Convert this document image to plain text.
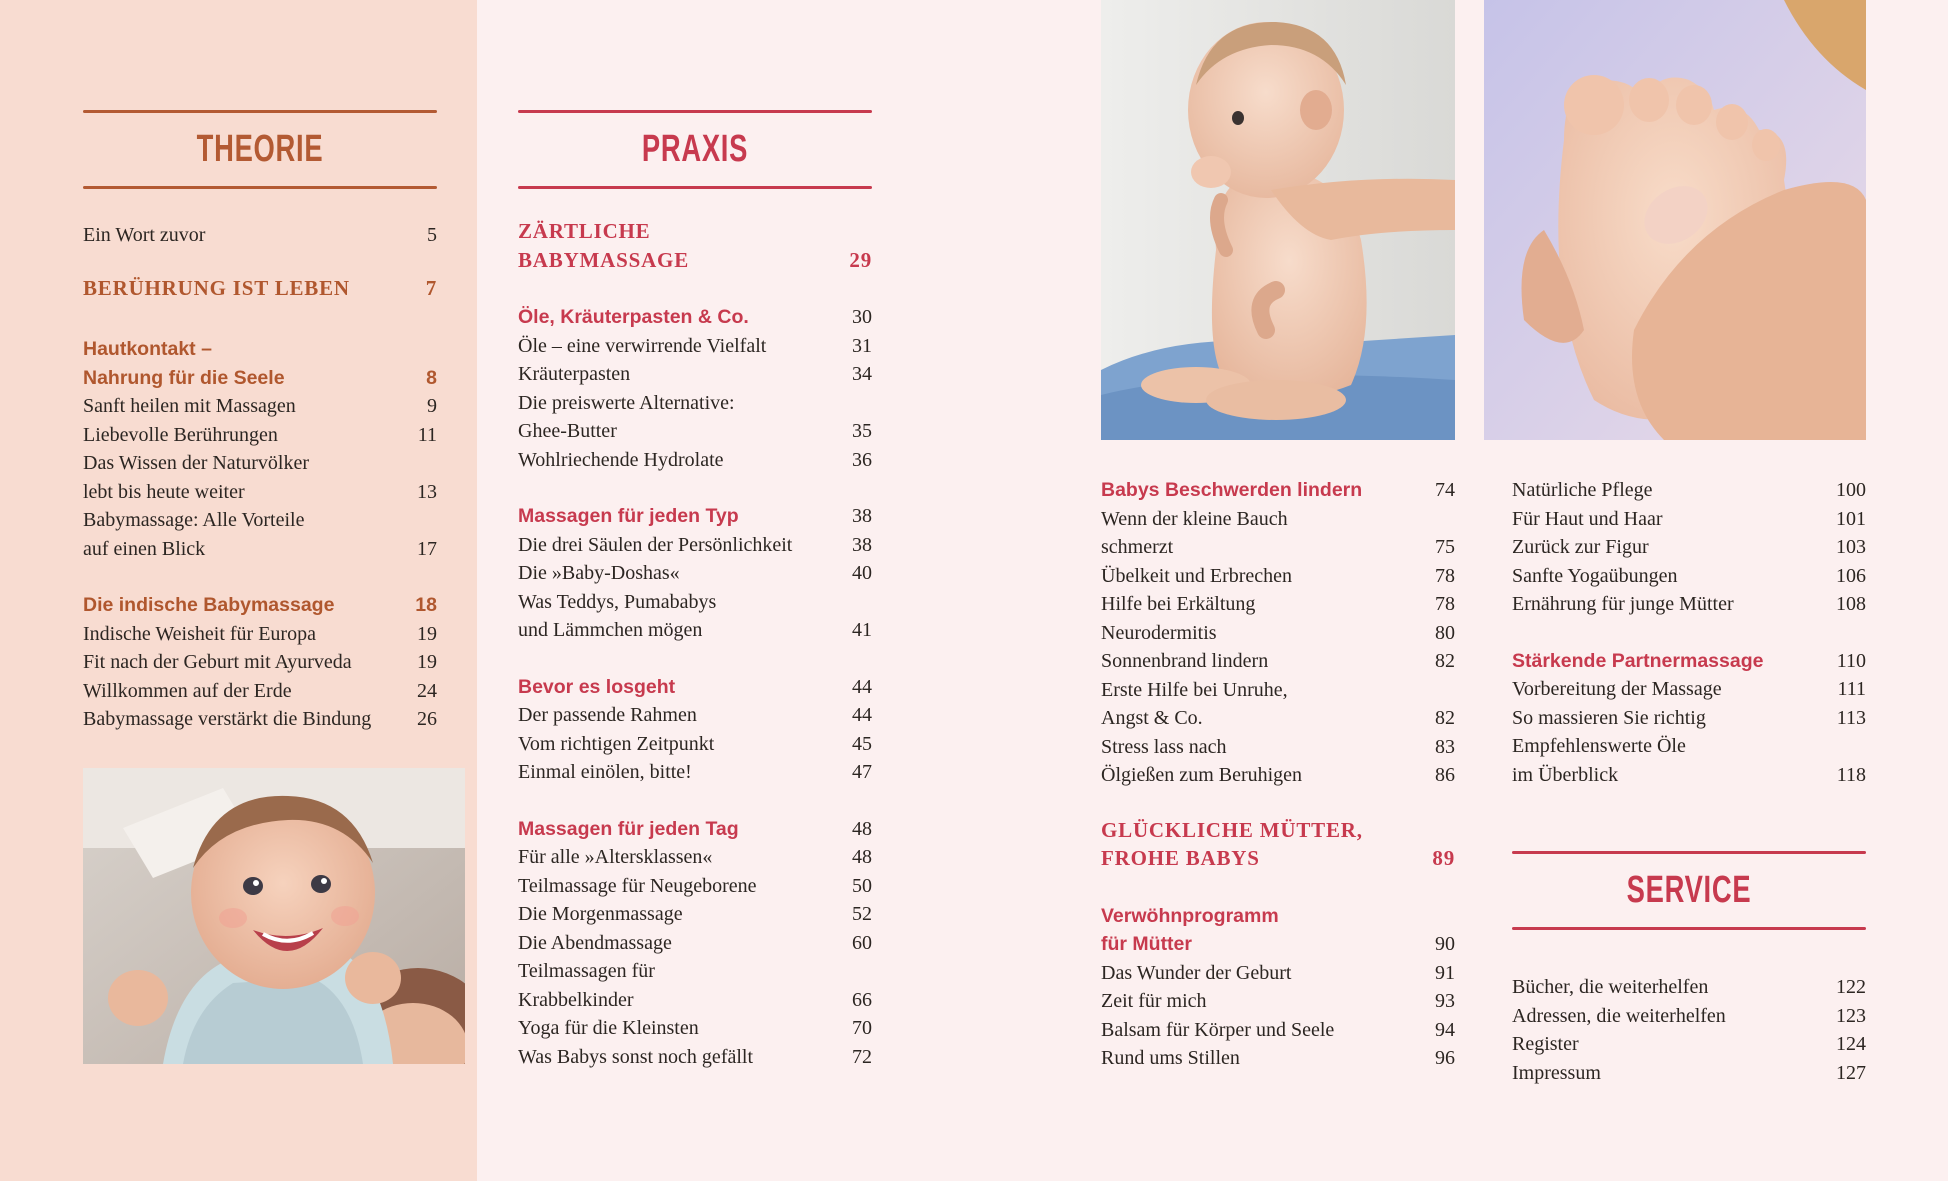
THEORIE
Ein Wort zuvor	5
BERÜHRUNG IST LEBEN	7
Hautkontakt –
Nahrung für die Seele	8
Sanft heilen mit Massagen	9
Liebevolle Berührungen	11
Das Wissen der Naturvölker
lebt bis heute weiter	13
Babymassage: Alle Vorteile
auf einen Blick	17
Die indische Babymassage	18
Indische Weisheit für Europa	19
Fit nach der Geburt mit Ayurveda	19
Willkommen auf der Erde	24
Babymassage verstärkt die Bindung	26
PRAXIS
ZÄRTLICHE
BABYMASSAGE	29
Öle, Kräuterpasten & Co.	30
Öle – eine verwirrende Vielfalt	31
Kräuterpasten	34
Die preiswerte Alternative:
Ghee-Butter	35
Wohlriechende Hydrolate	36
Massagen für jeden Typ	38
Die drei Säulen der Persönlichkeit	38
Die »Baby-Doshas«	40
Was Teddys, Pumababys
und Lämmchen mögen	41
Bevor es losgeht	44
Der passende Rahmen	44
Vom richtigen Zeitpunkt	45
Einmal einölen, bitte!	47
Massagen für jeden Tag	48
Für alle »Altersklassen«	48
Teilmassage für Neugeborene	50
Die Morgenmassage	52
Die Abendmassage	60
Teilmassagen für
Krabbelkinder	66
Yoga für die Kleinsten	70
Was Babys sonst noch gefällt	72
Babys Beschwerden lindern	74
Wenn der kleine Bauch
schmerzt	75
Übelkeit und Erbrechen	78
Hilfe bei Erkältung	78
Neurodermitis	80
Sonnenbrand lindern	82
Erste Hilfe bei Unruhe,
Angst & Co.	82
Stress lass nach	83
Ölgießen zum Beruhigen	86
GLÜCKLICHE MÜTTER,
FROHE BABYS	89
Verwöhnprogramm
für Mütter	90
Das Wunder der Geburt	91
Zeit für mich	93
Balsam für Körper und Seele	94
Rund ums Stillen	96
Natürliche Pflege	100
Für Haut und Haar	101
Zurück zur Figur	103
Sanfte Yogaübungen	106
Ernährung für junge Mütter	108
Stärkende Partnermassage	110
Vorbereitung der Massage	111
So massieren Sie richtig	113
Empfehlenswerte Öle
im Überblick	118
SERVICE
Bücher, die weiterhelfen	122
Adressen, die weiterhelfen	123
Register	124
Impressum	127
